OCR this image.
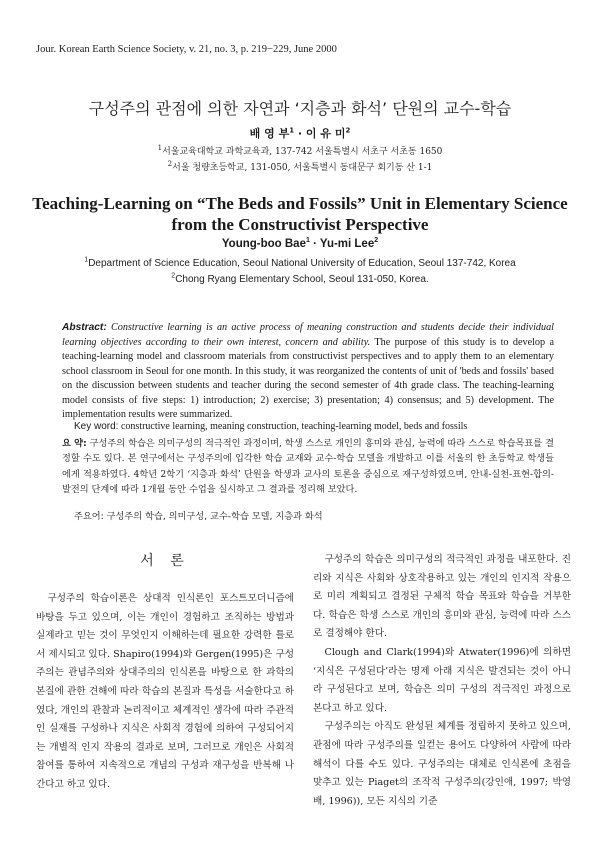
Jour. Korean Earth Science Society, v. 21, no. 3, p. 219−229, June 2000
구성주의 관점에 의한 자연과 ‘지층과 화석’ 단원의 교수-학습
배 영 부$^1$ · 이 유 미$^2$
$^1$서울교육대학교 과학교육과, 137-742 서울특별시 서초구 서초동 1650
$^2$서울 청량초등학교, 131-050, 서울특별시 동대문구 회기동 산 1-1
Teaching-Learning on “The Beds and Fossils” Unit in Elementary Science
from the Constructivist Perspective
Young-boo Bae$^1$ · Yu-mi Lee$^2$
$^1$Department of Science Education, Seoul National University of Education, Seoul 137-742, Korea
$^2$Chong Ryang Elementary School, Seoul 131-050, Korea.
Abstract: Constructive learning is an active process of meaning construction and students decide their individual learning objectives according to their own interest, concern and ability. The purpose of this study is to develop a teaching-learning model and classroom materials from constructivist perspectives and to apply them to an elementary school classroom in Seoul for one month. In this study, it was reorganized the contents of unit of 'beds and fossils' based on the discussion between students and teacher during the second semester of 4th grade class. The teaching-learning model consists of five steps: 1) introduction; 2) exercise; 3) presentation; 4) consensus; and 5) development. The implementation results were summarized.
Key word: constructive learning, meaning construction, teaching-learning model, beds and fossils
요 약: 구성주의 학습은 의미구성의 적극적인 과정이며, 학생 스스로 개인의 흥미와 관심, 능력에 따라 스스로 학습목표를 결정할 수도 있다. 본 연구에서는 구성주의에 입각한 학습 교재와 교수-학습 모델을 개발하고 이를 서울의 한 초등학교 학생들에게 적용하였다. 4학년 2학기 ‘지층과 화석’ 단원을 학생과 교사의 토론을 중심으로 재구성하였으며, 안내-실천-표현-합의-발전의 단계에 따라 1개월 동안 수업을 실시하고 그 결과를 정리해 보았다.
주요어: 구성주의 학습, 의미구성, 교수-학습 모델, 지층과 화석
서 론

구성주의 학습이론은 상대적 인식론인 포스트모더니즘에 바탕을 두고 있으며, 이는 개인이 경험하고 조직하는 방법과 실제라고 믿는 것이 무엇인지 이해하는데 필요한 강력한 틀로서 제시되고 있다. Shapiro(1994)와 Gergen(1995)은 구성주의는 관념주의와 상대주의의 인식론을 바탕으로 한 과학의 본질에 관한 견해에 따라 학습의 본질과 특성을 서술한다고 하였다, 개인의 관찰과 논리적이고 체계적인 생각에 따라 주관적인 실재를 구성하나 지식은 사회적 경험에 의하여 구성되어지는 개별적 인지 작용의 결과로 보며, 그러므로 개인은 사회적 참여를 통하여 지속적으로 개념의 구성과 재구성을 반복해 나간다고 하고 있다.

구성주의 학습은 의미구성의 적극적인 과정을 내포한다. 진리와 지식은 사회와 상호작용하고 있는 개인의 인지적 작용으로 미리 계획되고 결정된 구체적 학습 목표와 학습을 거부한다. 학습은 학생 스스로 개인의 흥미와 관심, 능력에 따라 스스로 결정해야 한다.

Clough and Clark(1994)와 Atwater(1996)에 의하면 ‘지식은 구성된다’라는 명제 아래 지식은 발견되는 것이 아니라 구성된다고 보며, 학습은 의미 구성의 적극적인 과정으로 본다고 하고 있다.

구성주의는 아직도 완성된 체계를 정립하지 못하고 있으며, 관점에 따라 구성주의를 일컫는 용어도 다양하여 사람에 따라 해석이 다를 수도 있다. 구성주의는 대체로 인식론에 초점을 맞추고 있는 Piaget의 조작적 구성주의(강인애, 1997; 박영배, 1996)), 모든 지식의 기준
